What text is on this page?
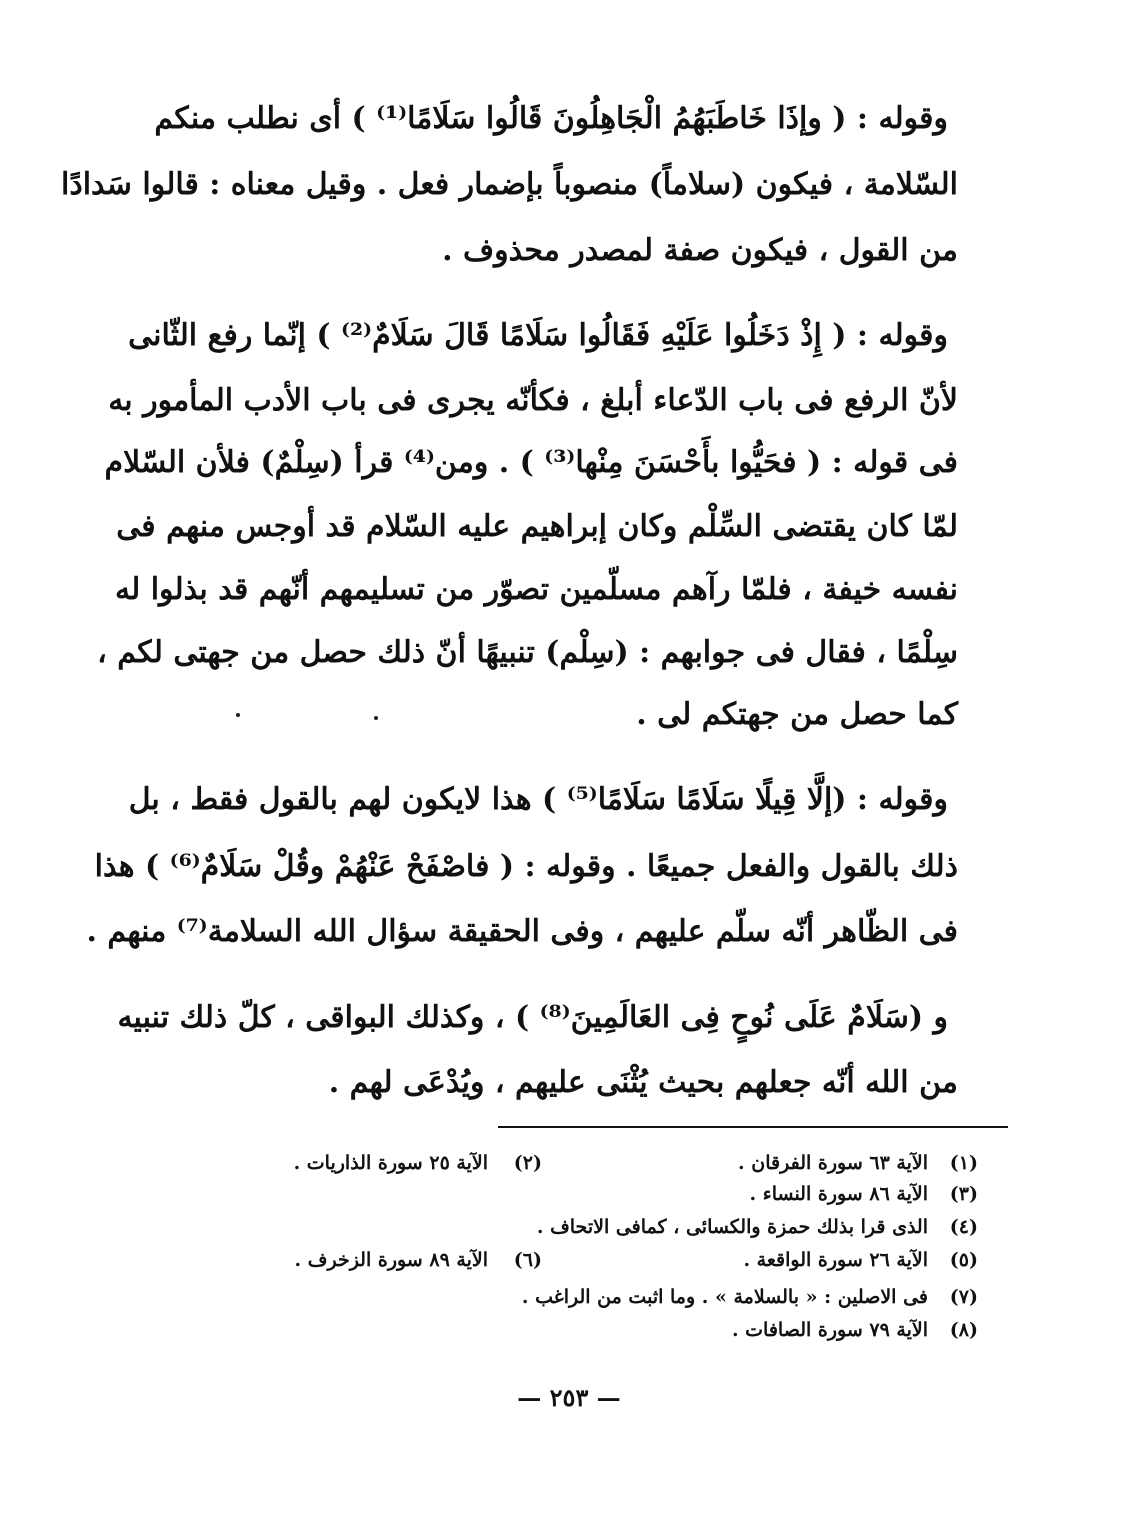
وقوله : ( وإذَا خَاطَبَهُمُ الْجَاهِلُونَ قَالُوا سَلَامًا⁽¹⁾ ) أى نطلب منكم
السّلامة ، فيكون (سلاماً) منصوباً بإضمار فعل . وقيل معناه : قالوا سَدادًا
من القول ، فيكون صفة لمصدر محذوف .
وقوله : ( إِذْ دَخَلُوا عَلَيْهِ فَقَالُوا سَلَامًا قَالَ سَلَامٌ⁽²⁾ ) إنّما رفع الثّانى
لأنّ الرفع فى باب الدّعاء أبلغ ، فكأنّه يجرى فى باب الأدب المأمور به
فى قوله : ( فحَيُّوا بأَحْسَنَ مِنْها⁽³⁾ ) . ومن⁽⁴⁾ قرأ (سِلْمٌ) فلأن السّلام
لمّا كان يقتضى السِّلْم وكان إبراهيم عليه السّلام قد أوجس منهم فى
نفسه خيفة ، فلمّا رآهم مسلّمين تصوّر من تسليمهم أنّهم قد بذلوا له
سِلْمًا ، فقال فى جوابهم : (سِلْم) تنبيهًا أنّ ذلك حصل من جهتى لكم ،
كما حصل من جهتكم لى .
وقوله : (إلَّا قِيلًا سَلَامًا سَلَامًا⁽⁵⁾ ) هذا لايكون لهم بالقول فقط ، بل
ذلك بالقول والفعل جميعًا . وقوله : ( فاصْفَحْ عَنْهُمْ وقُلْ سَلَامٌ⁽⁶⁾ ) هذا
فى الظّاهر أنّه سلّم عليهم ، وفى الحقيقة سؤال الله السلامة⁽⁷⁾ منهم .
و (سَلَامٌ عَلَى نُوحٍ فِى العَالَمِينَ⁽⁸⁾ ) ، وكذلك البواقى ، كلّ ذلك تنبيه
من الله أنّه جعلهم بحيث يُثْنَى عليهم ، ويُدْعَى لهم .
(١)
الآية ٦٣ سورة الفرقان .
(٢)
الآية ٢٥ سورة الذاريات .
(٣)
الآية ٨٦ سورة النساء .
(٤)
الذى قرا بذلك حمزة والكسائى ، كمافى الاتحاف .
(٥)
الآية ٢٦ سورة الواقعة .
(٦)
الآية ٨٩ سورة الزخرف .
(٧)
فى الاصلين : « بالسلامة » . وما اثبت من الراغب .
(٨)
الآية ٧٩ سورة الصافات .
— ٢٥٣ —
